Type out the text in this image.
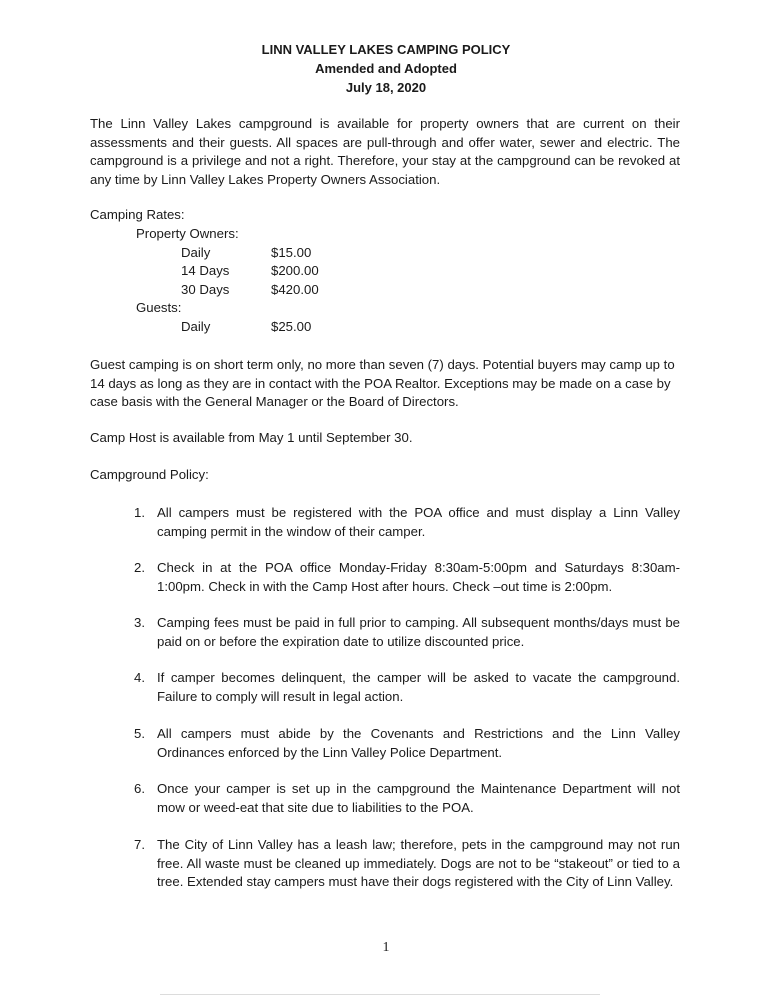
LINN VALLEY LAKES CAMPING POLICY
Amended and Adopted
July 18, 2020
The Linn Valley Lakes campground is available for property owners that are current on their assessments and their guests. All spaces are pull-through and offer water, sewer and electric. The campground is a privilege and not a right. Therefore, your stay at the campground can be revoked at any time by Linn Valley Lakes Property Owners Association.
Camping Rates:
Property Owners:
Daily	$15.00
14 Days	$200.00
30 Days	$420.00
Guests:
Daily	$25.00
Guest camping is on short term only, no more than seven (7) days. Potential buyers may camp up to 14 days as long as they are in contact with the POA Realtor. Exceptions may be made on a case by case basis with the General Manager or the Board of Directors.
Camp Host is available from May 1 until September 30.
Campground Policy:
1. All campers must be registered with the POA office and must display a Linn Valley camping permit in the window of their camper.
2. Check in at the POA office Monday-Friday 8:30am-5:00pm and Saturdays 8:30am-1:00pm. Check in with the Camp Host after hours. Check –out time is 2:00pm.
3. Camping fees must be paid in full prior to camping. All subsequent months/days must be paid on or before the expiration date to utilize discounted price.
4. If camper becomes delinquent, the camper will be asked to vacate the campground. Failure to comply will result in legal action.
5. All campers must abide by the Covenants and Restrictions and the Linn Valley Ordinances enforced by the Linn Valley Police Department.
6. Once your camper is set up in the campground the Maintenance Department will not mow or weed-eat that site due to liabilities to the POA.
7. The City of Linn Valley has a leash law; therefore, pets in the campground may not run free. All waste must be cleaned up immediately. Dogs are not to be “stakeout” or tied to a tree. Extended stay campers must have their dogs registered with the City of Linn Valley.
1
